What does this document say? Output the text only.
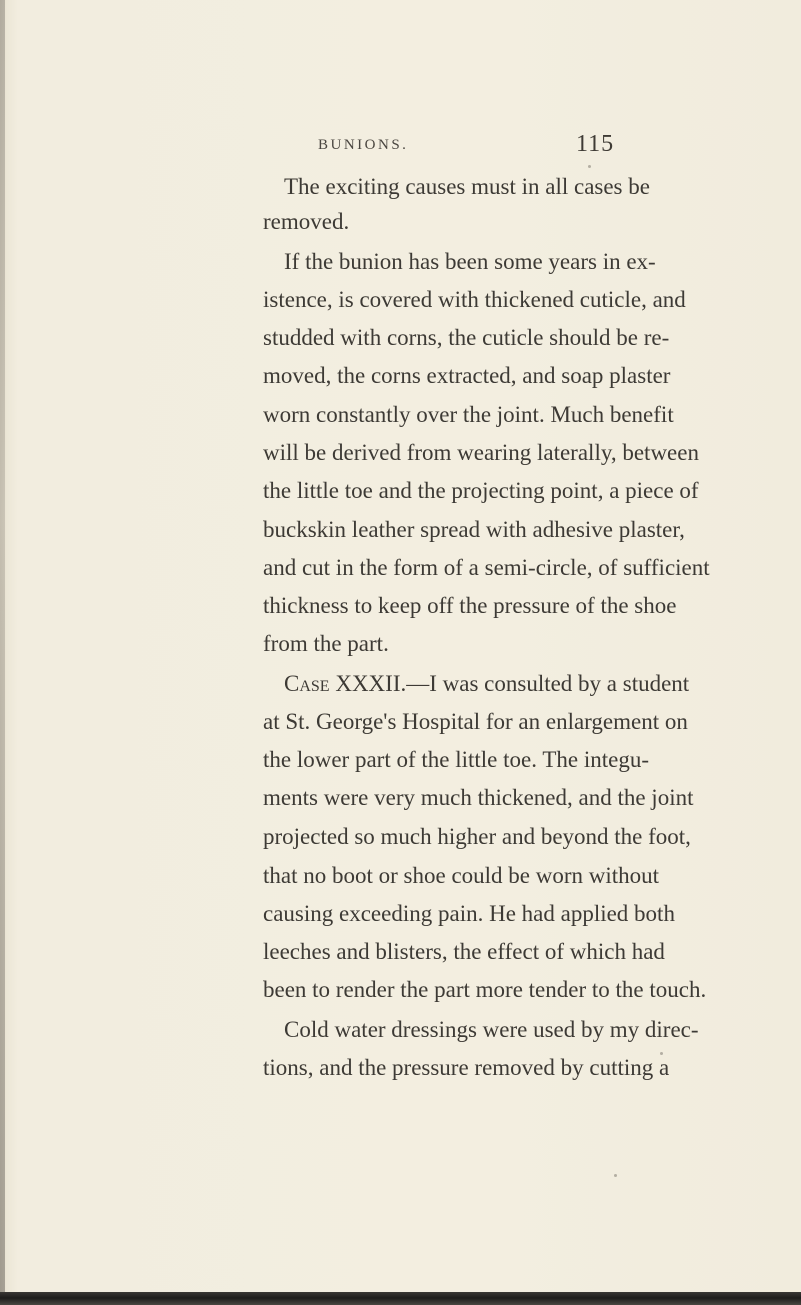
BUNIONS.	115
The exciting causes must in all cases be
removed.
If the bunion has been some years in ex-
istence, is covered with thickened cuticle, and
studded with corns, the cuticle should be re-
moved, the corns extracted, and soap plaster
worn constantly over the joint. Much benefit
will be derived from wearing laterally, between
the little toe and the projecting point, a piece of
buckskin leather spread with adhesive plaster,
and cut in the form of a semi-circle, of sufficient
thickness to keep off the pressure of the shoe
from the part.
Case XXXII.—I was consulted by a student
at St. George's Hospital for an enlargement on
the lower part of the little toe. The integu-
ments were very much thickened, and the joint
projected so much higher and beyond the foot,
that no boot or shoe could be worn without
causing exceeding pain. He had applied both
leeches and blisters, the effect of which had
been to render the part more tender to the touch.
Cold water dressings were used by my direc-
tions, and the pressure removed by cutting a
